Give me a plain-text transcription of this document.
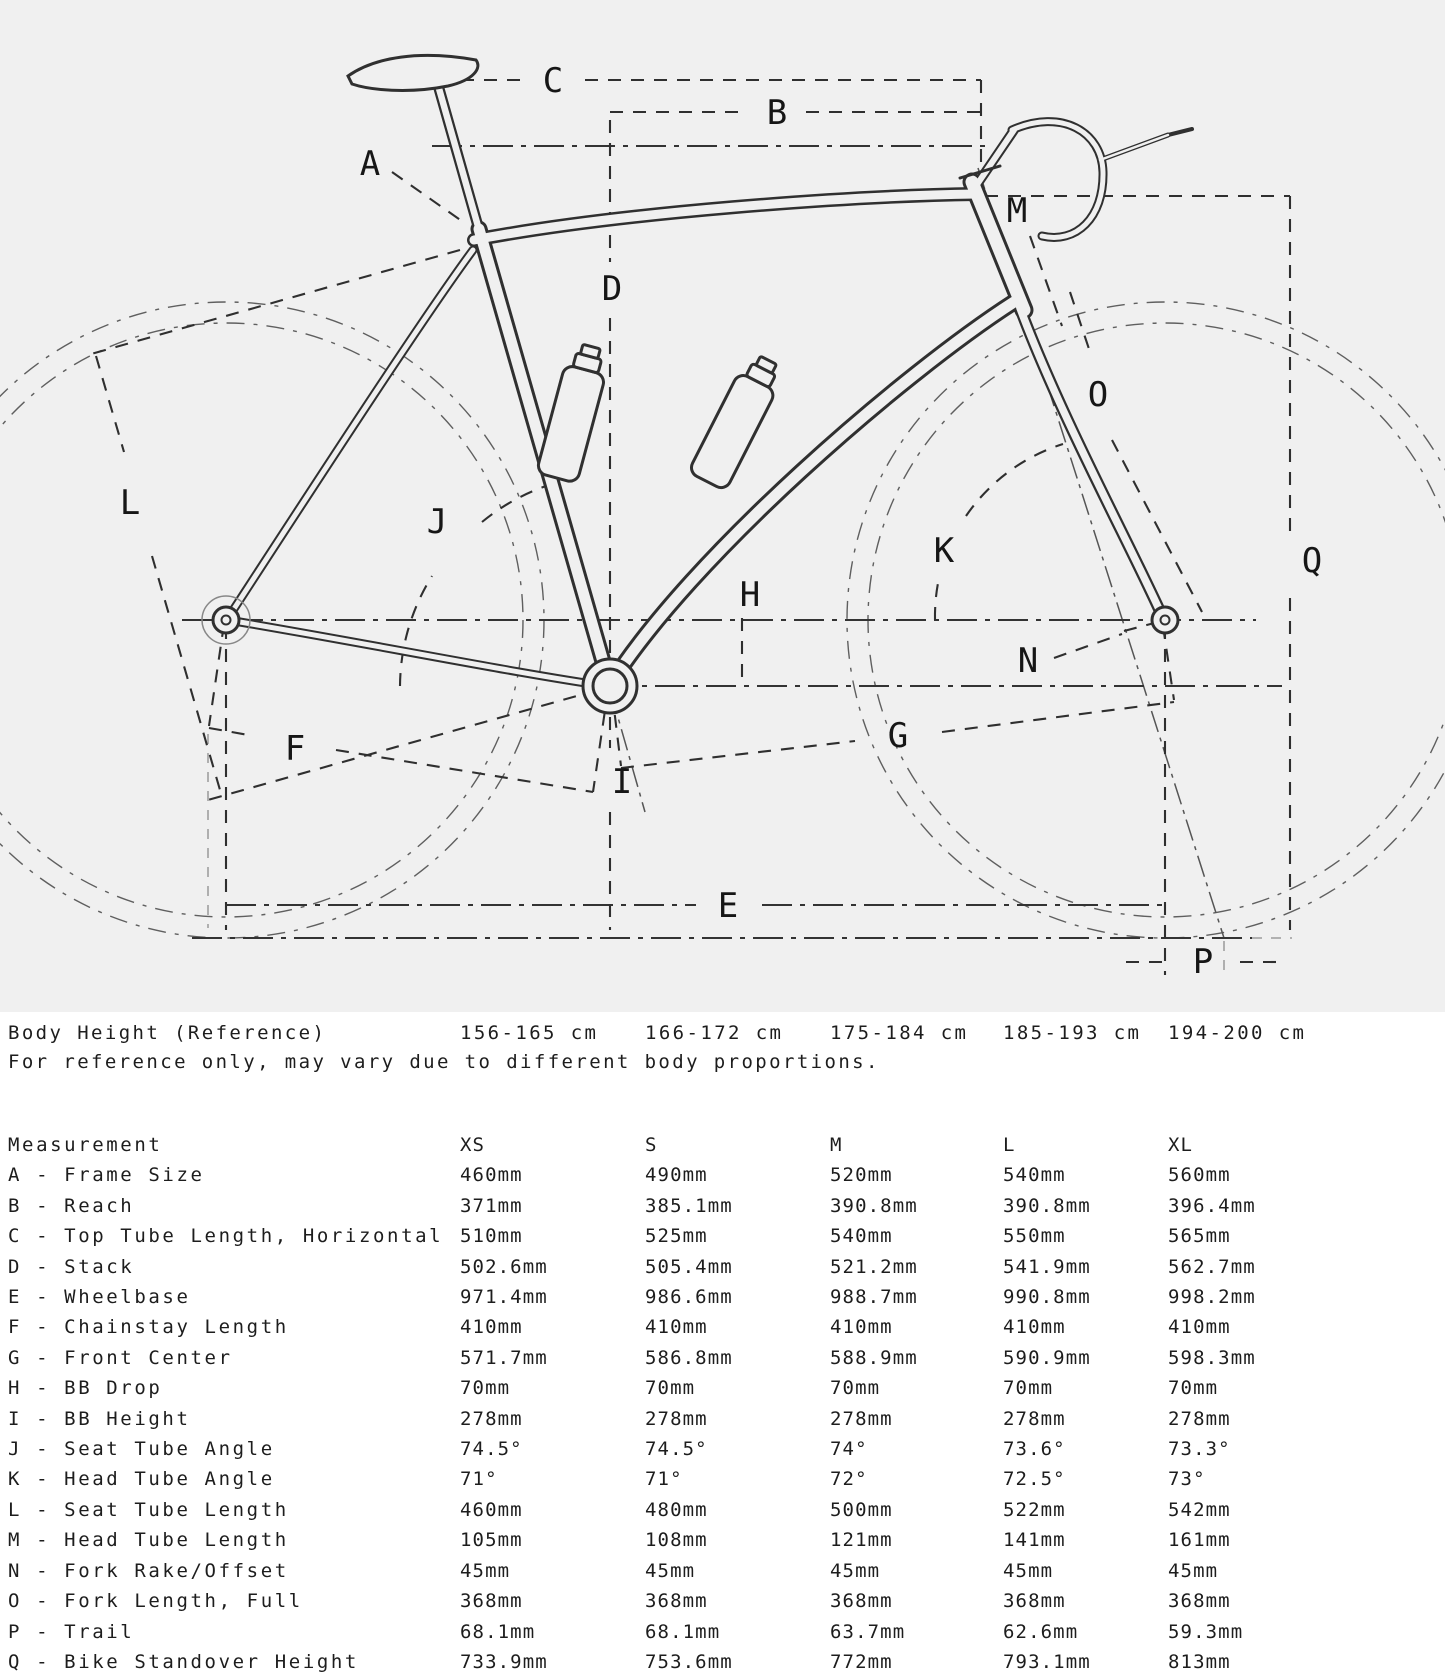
A
B
C
D
E
F	G
H
I
J
K
L
M
N
O
P
Q
Body Height (Reference)	156-165 cm	166-172 cm	175-184 cm	185-193 cm	194-200 cm
For reference only, may vary due to different body proportions.
Measurement	XS	S	M	L	XL
A - Frame Size	460mm	490mm	520mm	540mm	560mm
B - Reach	371mm	385.1mm	390.8mm	390.8mm	396.4mm
C - Top Tube Length, Horizontal 510mm	525mm	540mm	550mm	565mm
D - Stack	502.6mm	505.4mm	521.2mm	541.9mm	562.7mm
E - Wheelbase	971.4mm	986.6mm	988.7mm	990.8mm	998.2mm
F - Chainstay Length	410mm	410mm	410mm	410mm	410mm
G - Front Center	571.7mm	586.8mm	588.9mm	590.9mm	598.3mm
H - BB Drop	70mm	70mm	70mm	70mm	70mm
I - BB Height	278mm	278mm	278mm	278mm	278mm
J - Seat Tube Angle	74.5°	74.5°	74°	73.6°	73.3°
K - Head Tube Angle	71°	71°	72°	72.5°	73°
L - Seat Tube Length	460mm	480mm	500mm	522mm	542mm
M - Head Tube Length	105mm	108mm	121mm	141mm	161mm
N - Fork Rake/Offset	45mm	45mm	45mm	45mm	45mm
O - Fork Length, Full	368mm	368mm	368mm	368mm	368mm
P - Trail	68.1mm	68.1mm	63.7mm	62.6mm	59.3mm
Q - Bike Standover Height	733.9mm	753.6mm	772mm	793.1mm	813mm
